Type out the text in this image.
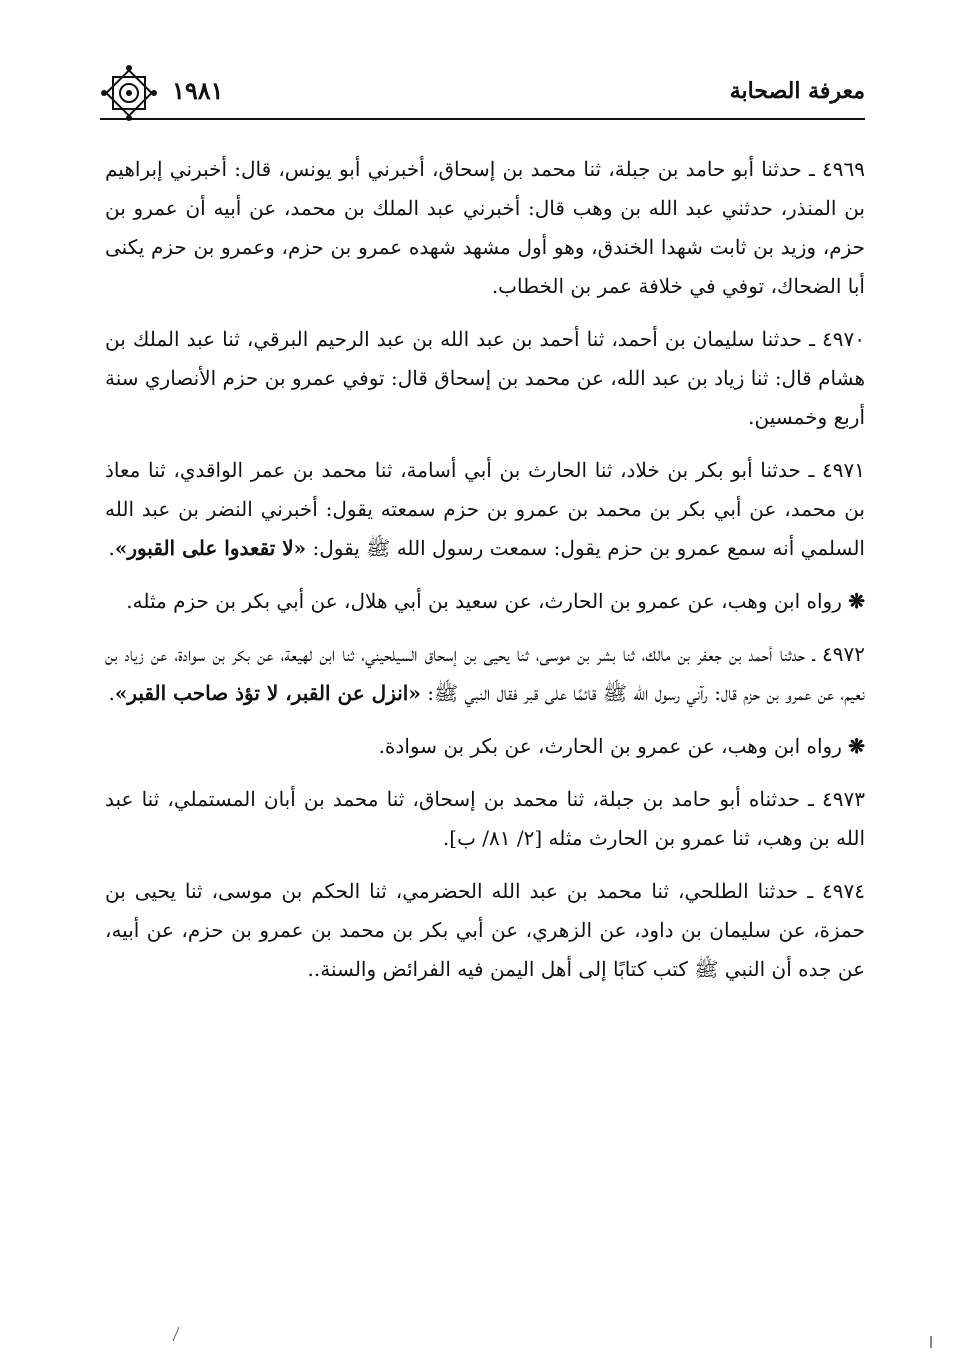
معرفة الصحابة
١٩٨١

٤٩٦٩ ـ حدثنا أبو حامد بن جبلة، ثنا محمد بن إسحاق، أخبرني أبو يونس، قال: أخبرني إبراهيم بن المنذر، حدثني عبد الله بن وهب قال: أخبرني عبد الملك بن محمد، عن أبيه أن عمرو بن حزم، وزيد بن ثابت شهدا الخندق، وهو أول مشهد شهده عمرو بن حزم، وعمرو بن حزم يكنى أبا الضحاك، توفي في خلافة عمر بن الخطاب.

٤٩٧٠ ـ حدثنا سليمان بن أحمد، ثنا أحمد بن عبد الله بن عبد الرحيم البرقي، ثنا عبد الملك بن هشام قال: ثنا زياد بن عبد الله، عن محمد بن إسحاق قال: توفي عمرو بن حزم الأنصاري سنة أربع وخمسين.

٤٩٧١ ـ حدثنا أبو بكر بن خلاد، ثنا الحارث بن أبي أسامة، ثنا محمد بن عمر الواقدي، ثنا معاذ بن محمد، عن أبي بكر بن محمد بن عمرو بن حزم سمعته يقول: أخبرني النضر بن عبد الله السلمي أنه سمع عمرو بن حزم يقول: سمعت رسول الله ﷺ يقول: «لا تقعدوا على القبور».

❋ رواه ابن وهب، عن عمرو بن الحارث، عن سعيد بن أبي هلال، عن أبي بكر بن حزم مثله.

٤٩٧٢ ـ حدثنا أحمد بن جعفر بن مالك، ثنا بشر بن موسى، ثنا يحيى بن إسحاق السيلحيني، ثنا ابن لهيعة، عن بكر بن سوادة، عن زياد بن نعيم، عن عمرو بن حزم قال: رآني رسول الله ﷺ قائمًا على قبر فقال النبي ﷺ: «انزل عن القبر، لا تؤذ صاحب القبر».

❋ رواه ابن وهب، عن عمرو بن الحارث، عن بكر بن سوادة.

٤٩٧٣ ـ حدثناه أبو حامد بن جبلة، ثنا محمد بن إسحاق، ثنا محمد بن أبان المستملي، ثنا عبد الله بن وهب، ثنا عمرو بن الحارث مثله [٢/ ٨١/ ب].

٤٩٧٤ ـ حدثنا الطلحي، ثنا محمد بن عبد الله الحضرمي، ثنا الحكم بن موسى، ثنا يحيى بن حمزة، عن سليمان بن داود، عن الزهري، عن أبي بكر بن محمد بن عمرو بن حزم، عن أبيه، عن جده أن النبي ﷺ كتب كتابًا إلى أهل اليمن فيه الفرائض والسنة..
